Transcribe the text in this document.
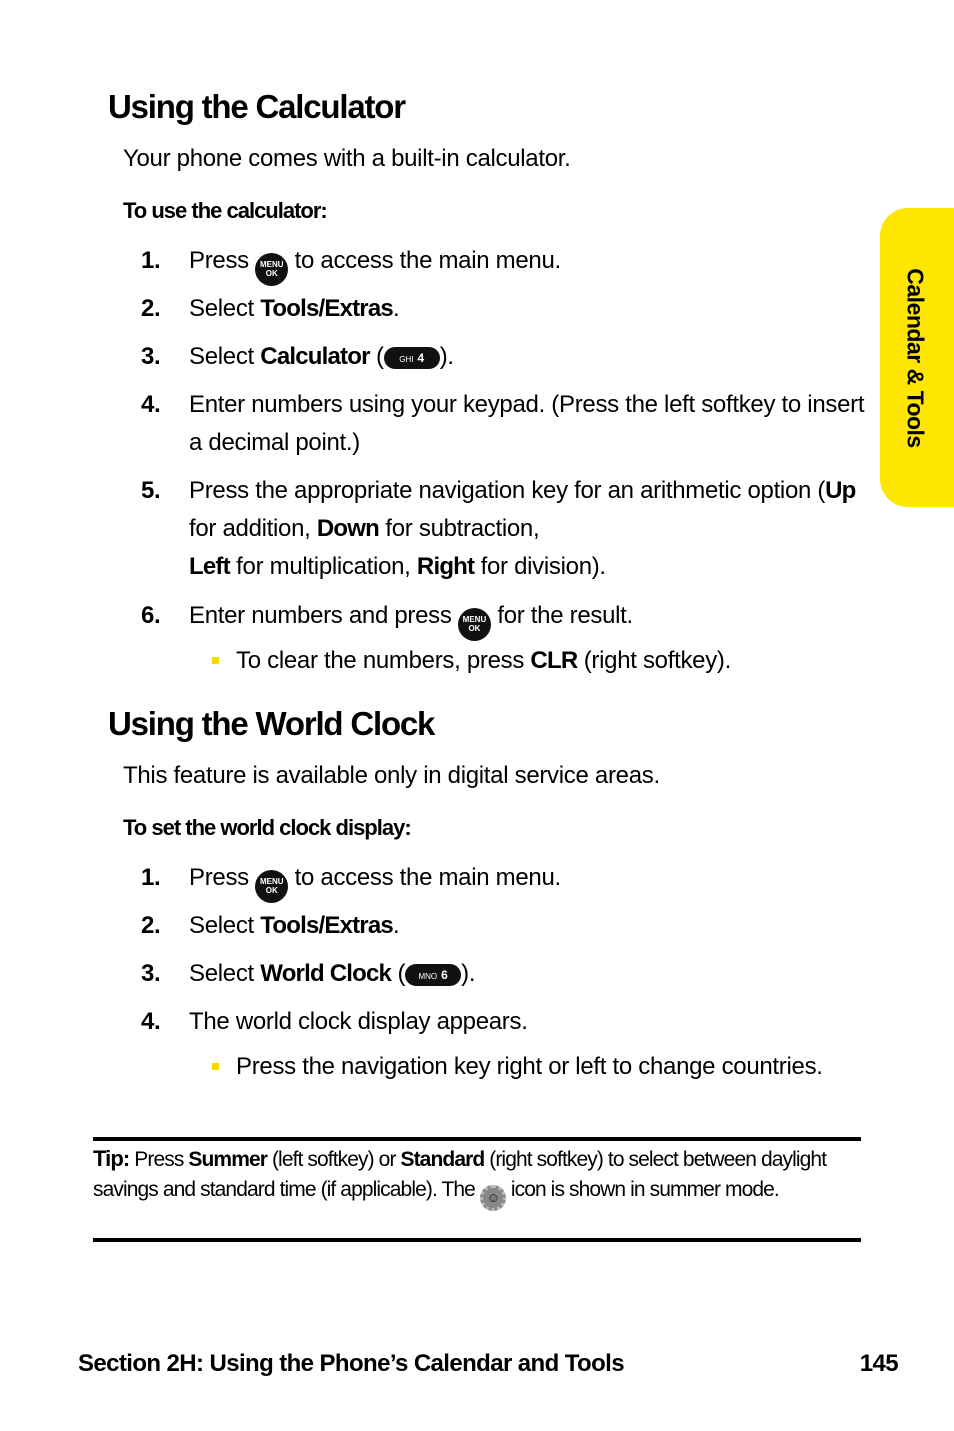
Calendar & Tools
Using the Calculator
Your phone comes with a built-in calculator.
To use the calculator:
1. Press MENU
OK to access the main menu.
2. Select Tools/Extras.
3. Select Calculator ( GHI 4 ).
4. Enter numbers using your keypad. (Press the left softkey to insert a decimal point.)
5. Press the appropriate navigation key for an arithmetic option (Up for addition, Down for subtraction,
Left for multiplication, Right for division).
6. Enter numbers and press MENU
OK for the result.
To clear the numbers, press CLR (right softkey).
Using the World Clock
This feature is available only in digital service areas.
To set the world clock display:
1. Press MENU
OK to access the main menu.
2. Select Tools/Extras.
3. Select World Clock ( MNO 6 ).
4. The world clock display appears.
Press the navigation key right or left to change countries.
Tip: Press Summer (left softkey) or Standard (right softkey) to select between daylight savings and standard time (if applicable). The ☺ icon is shown in summer mode.
Section 2H: Using the Phone’s Calendar and Tools	145
